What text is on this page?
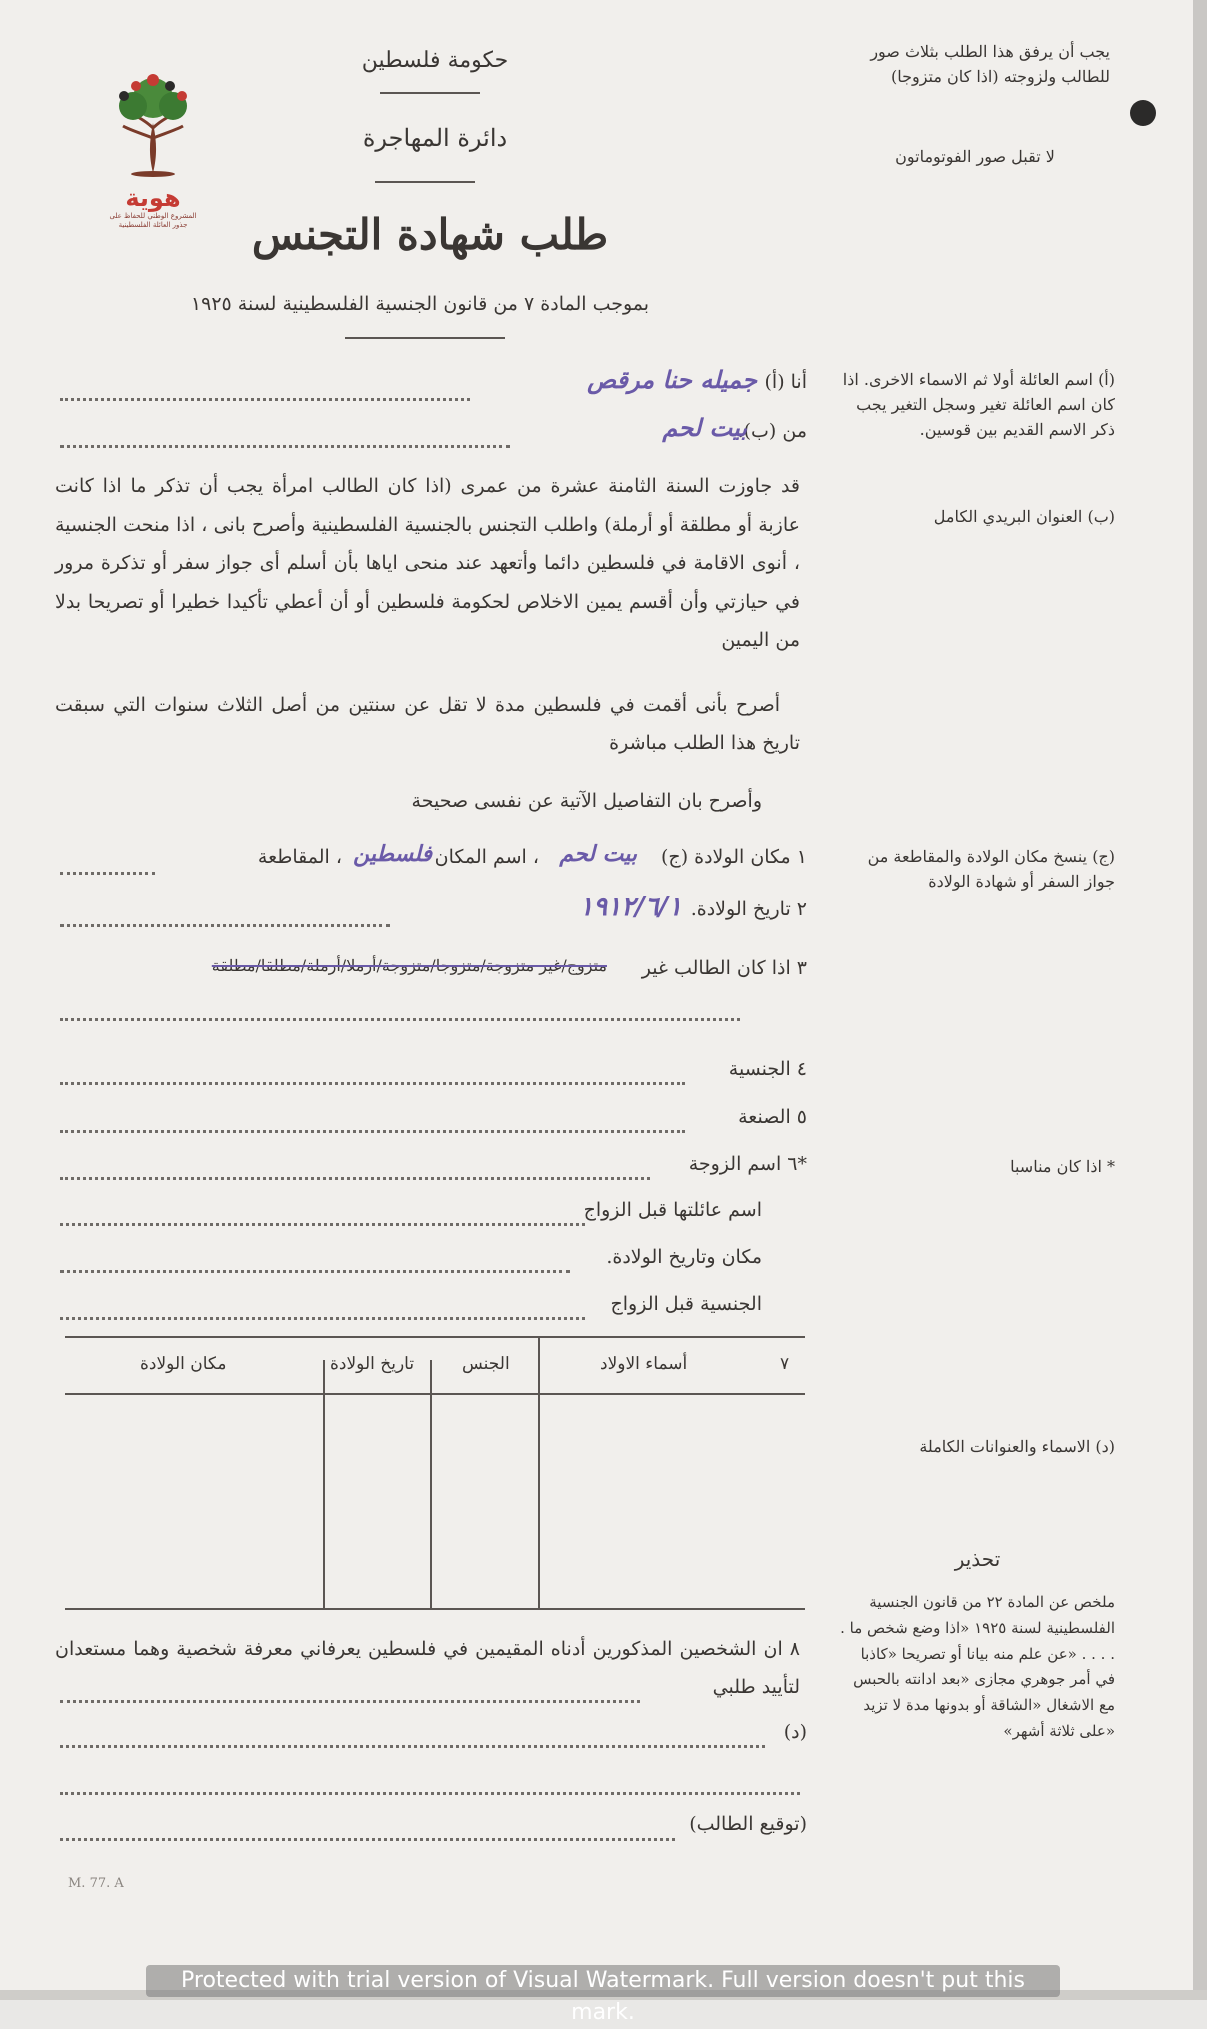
هوية
المشروع الوطني للحفاظ على
جذور العائلة الفلسطينية
حكومة فلسطين
دائرة المهاجرة
طلب شهادة التجنس
بموجب المادة ٧ من قانون الجنسية الفلسطينية لسنة ١٩٢٥
يجب أن يرفق هذا الطلب بثلاث صور للطالب ولزوجته (اذا كان متزوجا)
لا تقبل صور الفوتوماتون
(أ) اسم العائلة أولا ثم الاسماء الاخرى. اذا كان اسم العائلة تغير وسجل التغير يجب ذكر الاسم القديم بين قوسين.
(ب) العنوان البريدي الكامل
(ج) ينسخ مكان الولادة والمقاطعة من جواز السفر أو شهادة الولادة
* اذا كان مناسبا
(د) الاسماء والعنوانات الكاملة
تحذير
ملخص عن المادة ٢٢ من قانون الجنسية الفلسطينية لسنة ١٩٢٥ «اذا وضع شخص ما . . . . . «عن علم منه بيانا أو تصريحا «كاذبا في أمر جوهري مجازى «بعد ادانته بالحبس مع الاشغال «الشاقة أو بدونها مدة لا تزيد «على ثلاثة أشهر»
أنا (أ)
جميله حنا مرقص
من (ب).
بيت لحم
قد جاوزت السنة الثامنة عشرة من عمرى (اذا كان الطالب امرأة يجب أن تذكر ما اذا كانت عازبة أو مطلقة أو أرملة) واطلب التجنس بالجنسية الفلسطينية وأصرح بانى ، اذا منحت الجنسية ، أنوى الاقامة في فلسطين دائما وأتعهد عند منحى اياها بأن أسلم أى جواز سفر أو تذكرة مرور في حيازتي وأن أقسم يمين الاخلاص لحكومة فلسطين أو أن أعطي تأكيدا خطيرا أو تصريحا بدلا من اليمين
أصرح بأنى أقمت في فلسطين مدة لا تقل عن سنتين من أصل الثلاث سنوات التي سبقت تاريخ هذا الطلب مباشرة
وأصرح بان التفاصيل الآتية عن نفسى صحيحة
١ مكان الولادة (ج)
بيت لحم
، اسم المكان
فلسطين
، المقاطعة
٢ تاريخ الولادة.
١٩١٢/٦/١
٣ اذا كان الطالب غير
متزوج/غير متزوجة/متزوجا/متزوجة/أرملا/أرملة/مطلقا/مطلقة
٤ الجنسية
٥ الصنعة
*٦ اسم الزوجة
اسم عائلتها قبل الزواج
مكان وتاريخ الولادة.
الجنسية قبل الزواج
٧
أسماء الاولاد
الجنس
تاريخ الولادة
مكان الولادة
٨ ان الشخصين المذكورين أدناه المقيمين في فلسطين يعرفاني معرفة شخصية وهما مستعدان لتأييد طلبي
(د)
(توقيع الطالب)
M. 77. A
Protected with trial version of Visual Watermark. Full version doesn't put this mark.
